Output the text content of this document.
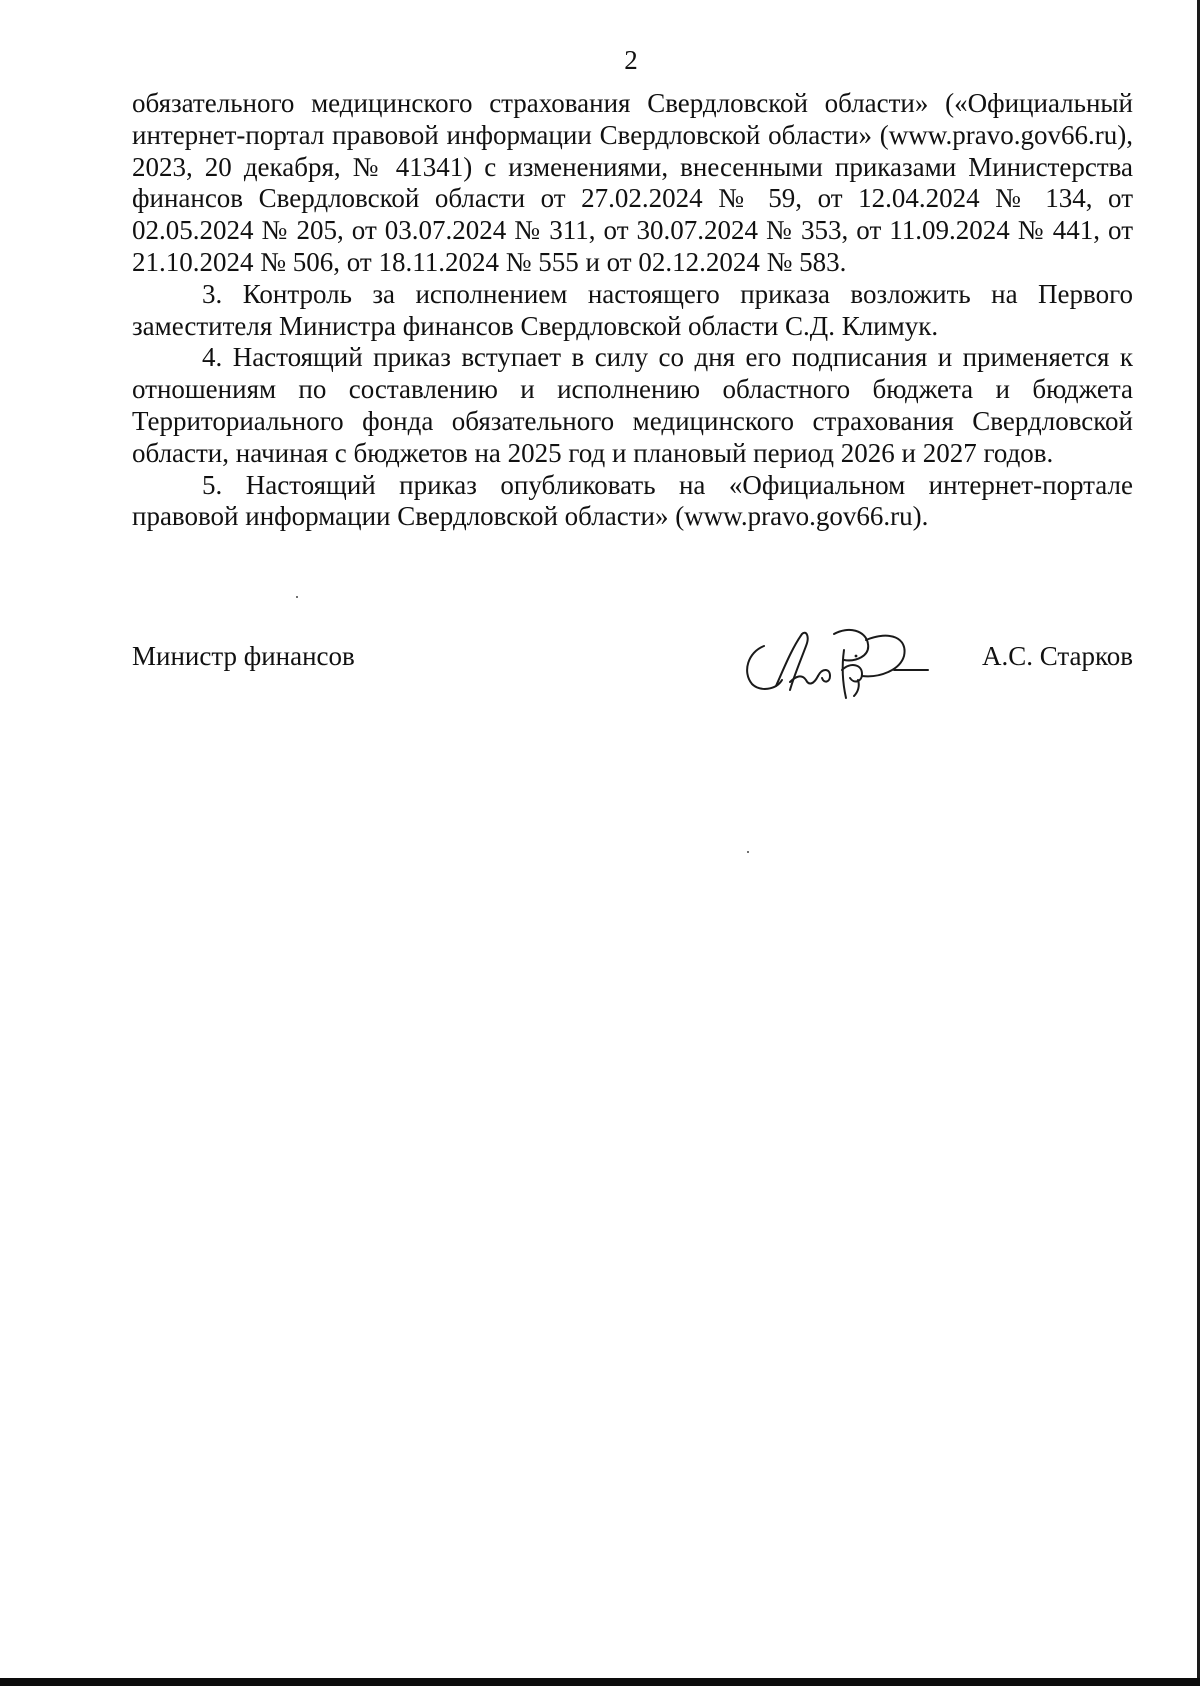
2

обязательного медицинского страхования Свердловской области» («Официальный интернет-портал правовой информации Свердловской области» (www.pravo.gov66.ru), 2023, 20 декабря, № 41341) с изменениями, внесенными приказами Министерства финансов Свердловской области от 27.02.2024 № 59, от 12.04.2024 № 134, от 02.05.2024 № 205, от 03.07.2024 № 311, от 30.07.2024 № 353, от 11.09.2024 № 441, от 21.10.2024 № 506, от 18.11.2024 № 555 и от 02.12.2024 № 583.

3. Контроль за исполнением настоящего приказа возложить на Первого заместителя Министра финансов Свердловской области С.Д. Климук.

4. Настоящий приказ вступает в силу со дня его подписания и применяется к отношениям по составлению и исполнению областного бюджета и бюджета Территориального фонда обязательного медицинского страхования Свердловской области, начиная с бюджетов на 2025 год и плановый период 2026 и 2027 годов.

5. Настоящий приказ опубликовать на «Официальном интернет-портале правовой информации Свердловской области» (www.pravo.gov66.ru).

Министр финансов	А.С. Старков
